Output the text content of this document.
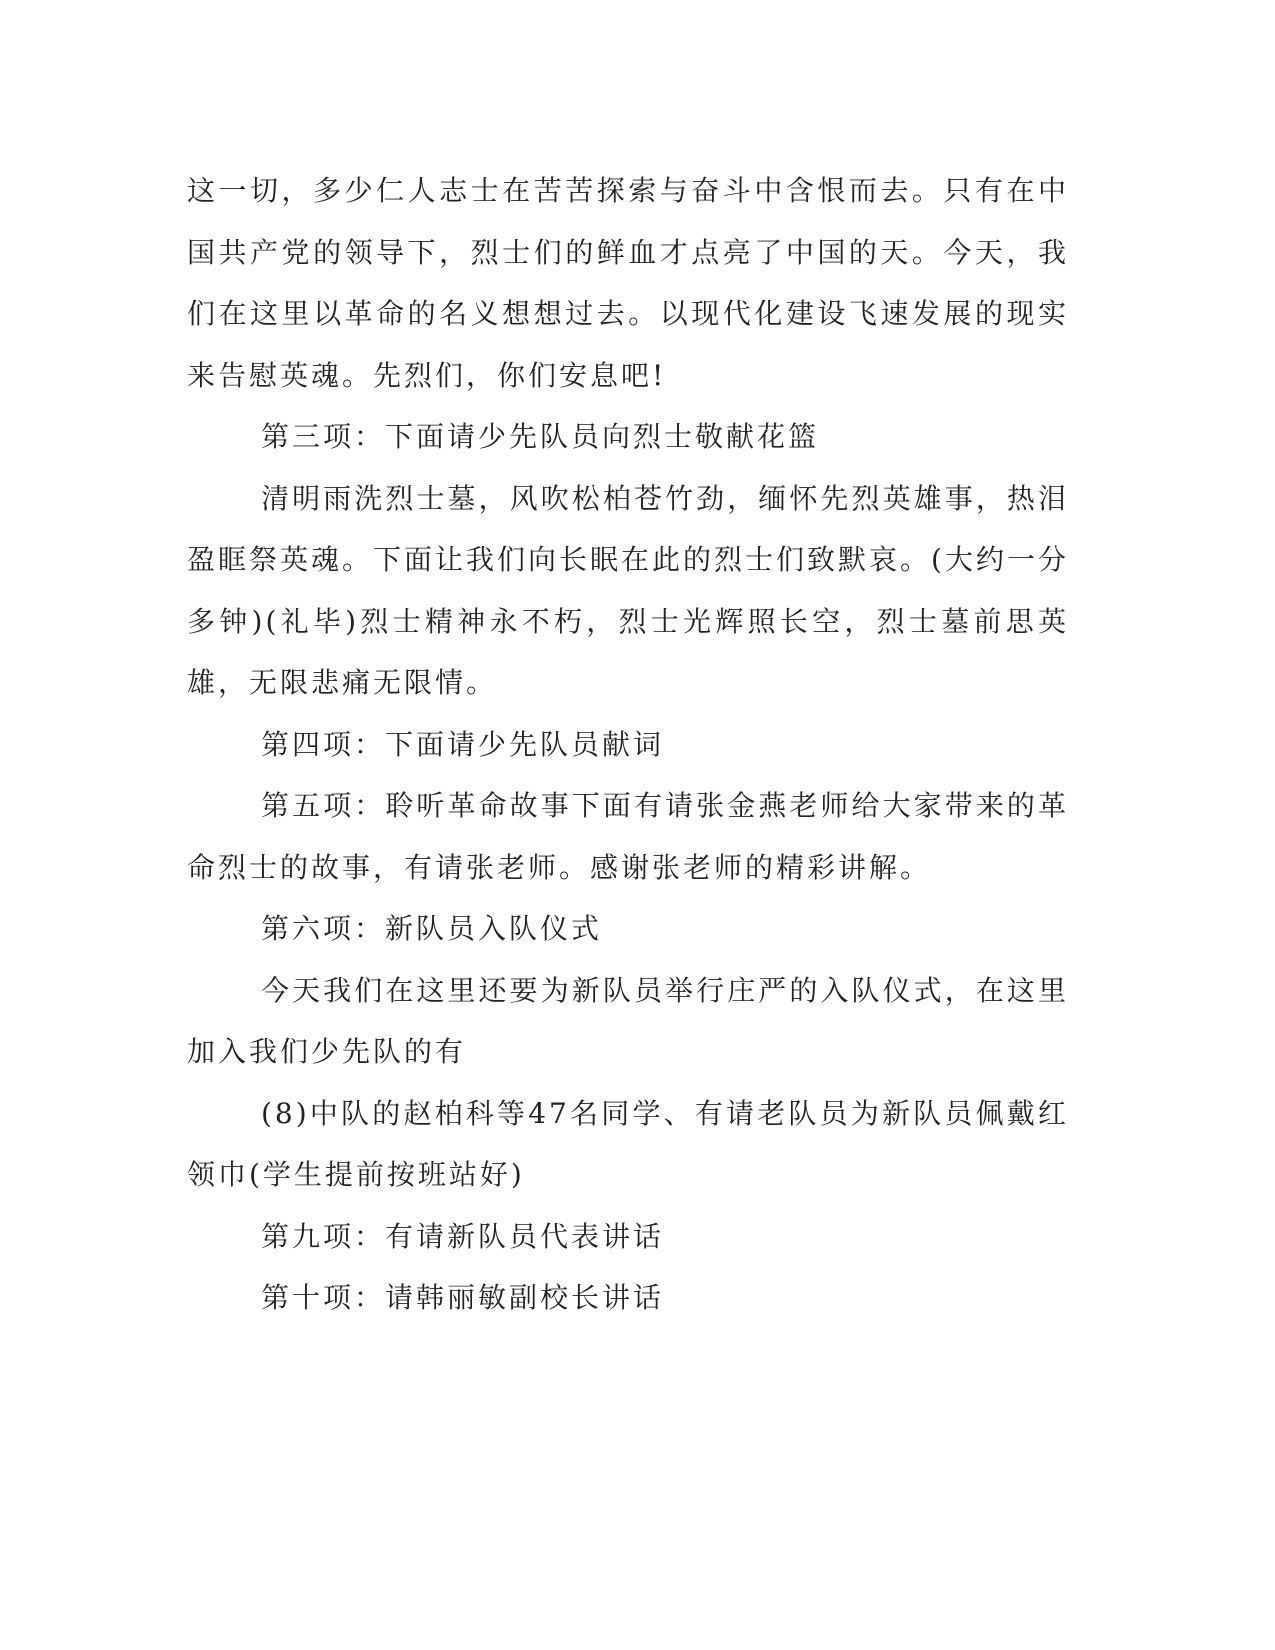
这一切，多少仁人志士在苦苦探索与奋斗中含恨而去。只有在中国共产党的领导下，烈士们的鲜血才点亮了中国的天。今天，我们在这里以革命的名义想想过去。以现代化建设飞速发展的现实来告慰英魂。先烈们，你们安息吧!

第三项：下面请少先队员向烈士敬献花篮

清明雨洗烈士墓，风吹松柏苍竹劲，缅怀先烈英雄事，热泪盈眶祭英魂。下面让我们向长眠在此的烈士们致默哀。(大约一分多钟)(礼毕)烈士精神永不朽，烈士光辉照长空，烈士墓前思英雄，无限悲痛无限情。

第四项：下面请少先队员献词

第五项：聆听革命故事下面有请张金燕老师给大家带来的革命烈士的故事，有请张老师。感谢张老师的精彩讲解。

第六项：新队员入队仪式

今天我们在这里还要为新队员举行庄严的入队仪式，在这里加入我们少先队的有

(8)中队的赵柏科等47名同学、有请老队员为新队员佩戴红领巾(学生提前按班站好)

第九项：有请新队员代表讲话

第十项：请韩丽敏副校长讲话
